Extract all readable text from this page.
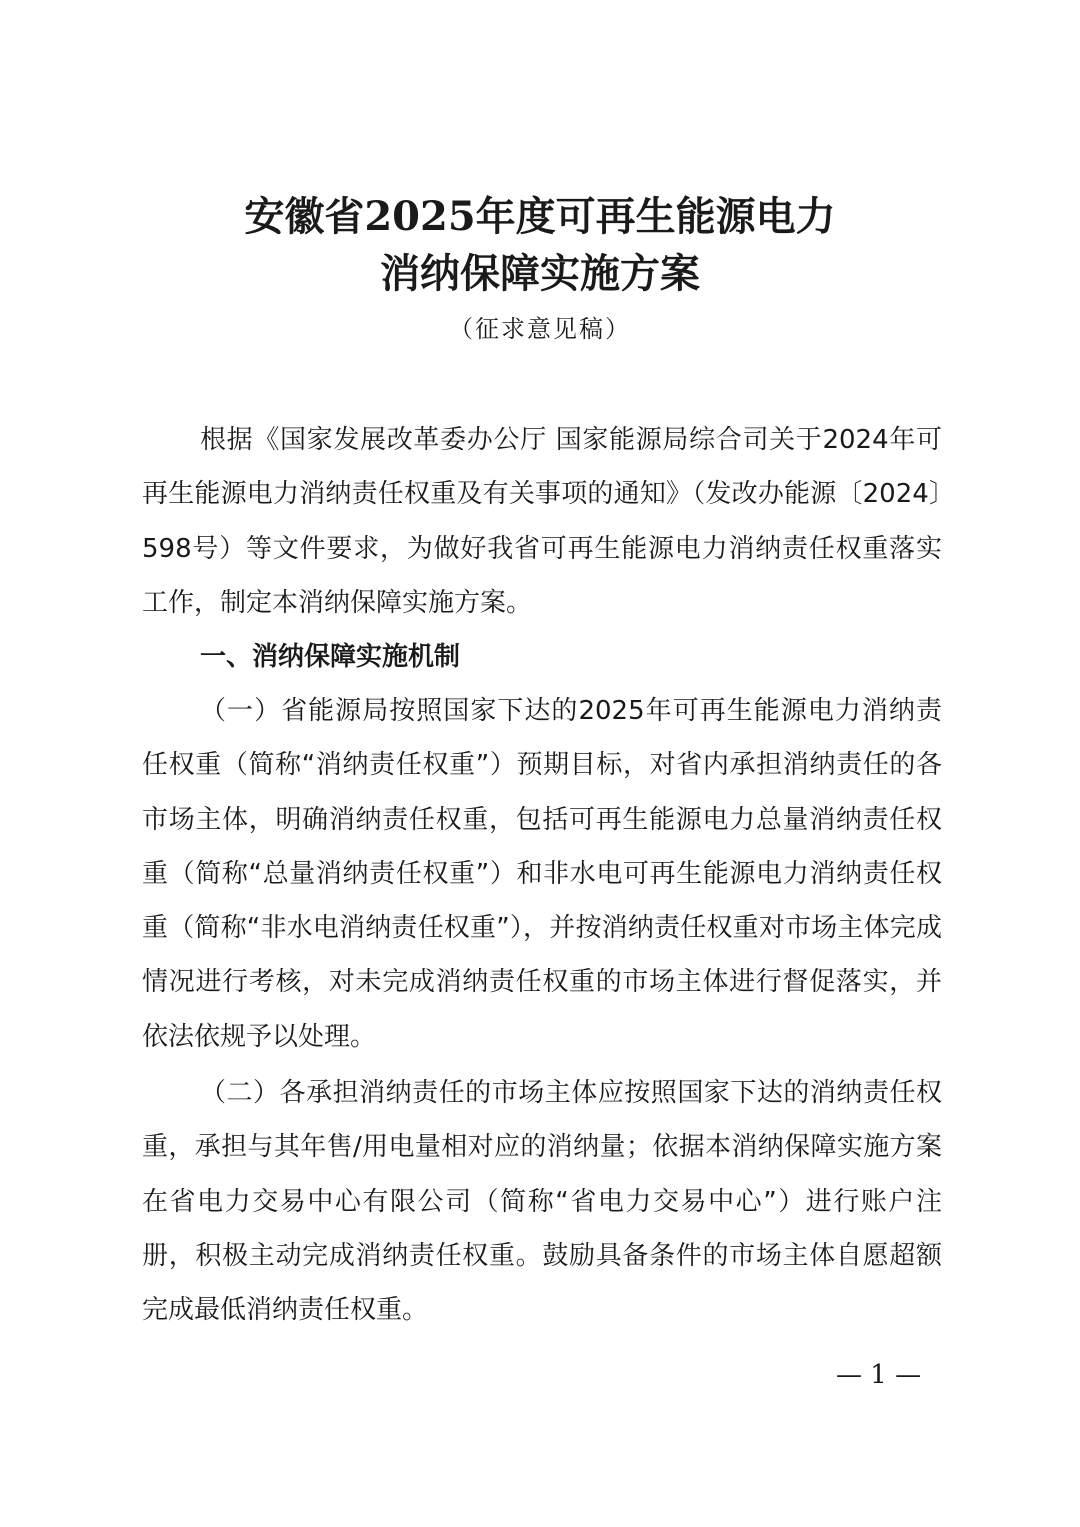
安徽省2025年度可再生能源电力
消纳保障实施方案
（征求意见稿）

根据《国家发展改革委办公厅 国家能源局综合司关于2024年可再生能源电力消纳责任权重及有关事项的通知》（发改办能源〔2024〕598号）等文件要求，为做好我省可再生能源电力消纳责任权重落实工作，制定本消纳保障实施方案。

一、消纳保障实施机制

（一）省能源局按照国家下达的2025年可再生能源电力消纳责任权重（简称“消纳责任权重”）预期目标，对省内承担消纳责任的各市场主体，明确消纳责任权重，包括可再生能源电力总量消纳责任权重（简称“总量消纳责任权重”）和非水电可再生能源电力消纳责任权重（简称“非水电消纳责任权重”），并按消纳责任权重对市场主体完成情况进行考核，对未完成消纳责任权重的市场主体进行督促落实，并依法依规予以处理。

（二）各承担消纳责任的市场主体应按照国家下达的消纳责任权重，承担与其年售/用电量相对应的消纳量；依据本消纳保障实施方案在省电力交易中心有限公司（简称“省电力交易中心”）进行账户注册，积极主动完成消纳责任权重。鼓励具备条件的市场主体自愿超额完成最低消纳责任权重。

— 1 —
